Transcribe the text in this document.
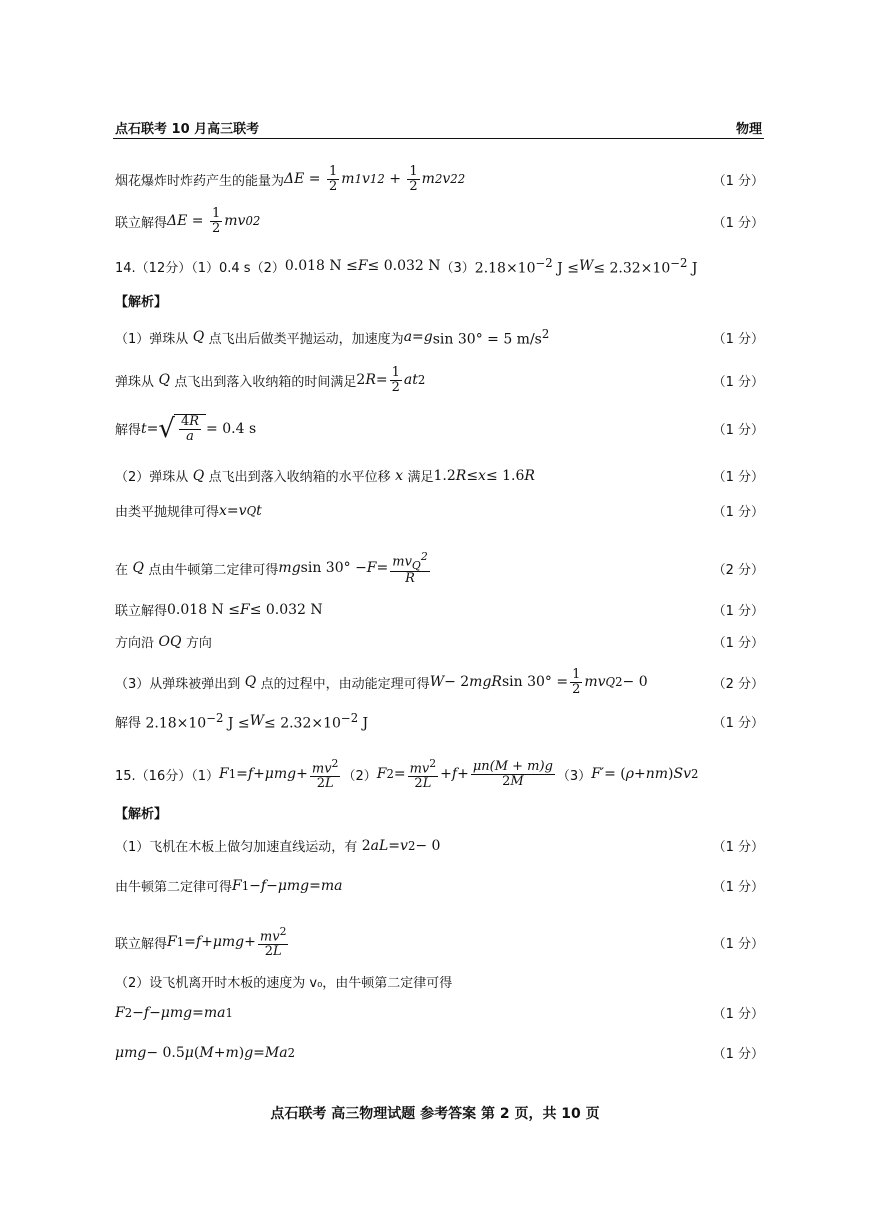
点石联考 10 月高三联考	物理
烟花爆炸时炸药产生的能量为 $\Delta E = \frac{1}{2}$ m 1 v 1 $2 + \frac{1}{2}$ m 2 v 2 2	（1 分）
联立解得 $\Delta E = \frac{1}{2}$ mv 0 2	（1 分）
14.（12分）（1）0.4 s（2） 0.018 N ≤ F ≤ 0.032 N （3） $2.18\times 10^{-2}$ $J \le W \le 2.32\times 10^{-2}$ J
【解析】
（1）弹珠从 Q 点飞出后做类平抛运动，加速度为 a = g sin 30° = 5 $m/s^2$	（1 分）
弹珠从 Q 点飞出到落入收纳箱的时间满足 2 $R = \frac{1}{2}$ at 2	（1 分）
解得 t = √ $\frac{4R}{a} = 0.4$ s	（1 分）
（2）弹珠从 Q 点飞出到落入收纳箱的水平位移 x 满足 1.2 R ≤ x ≤ 1.6 R	（1 分）
由类平抛规律可得 x = v Q t	（1 分）
在 Q 点由牛顿第二定律可得 mg $\sin 30^\circ - F = \frac{mv_Q^2}{R}$	（2 分）
联立解得 0.018 N ≤ F ≤ 0.032 N	（1 分）
方向沿 OQ 方向	（1 分）
（3）从弹珠被弹出到 Q 点的过程中，由动能定理可得 W − 2 mgR $\sin 30^\circ = \frac{1}{2}$ mv Q 2 − 0	（2 分）
解得 $2.18\times 10^{-2}$ $J \le W \le 2.32\times 10^{-2}$ J	（1 分）
15.（16分）（1） F $1 = f + \mu mg + \frac{mv^2}{2L} (2)$ F $2 = \frac{mv^2}{2L} + f + \frac{\mu n(M + m)g}{2M} (3) F'$ = ( ρ + nm ) Sv 2
【解析】
（1）飞机在木板上做匀加速直线运动，有 2 aL = v 2 − 0	（1 分）
由牛顿第二定律可得 F 1 − f − μmg = ma	（1 分）
联立解得 F $1 = f + \mu mg + \frac{mv^2}{2L}$	（1 分）
（2）设飞机离开时木板的速度为 v₀，由牛顿第二定律可得
F 2 − f − μmg = ma 1	（1 分）
μmg − 0.5 μ ( M + m ) g = Ma 2	（1 分）
点石联考 高三物理试题 参考答案 第 2 页，共 10 页
